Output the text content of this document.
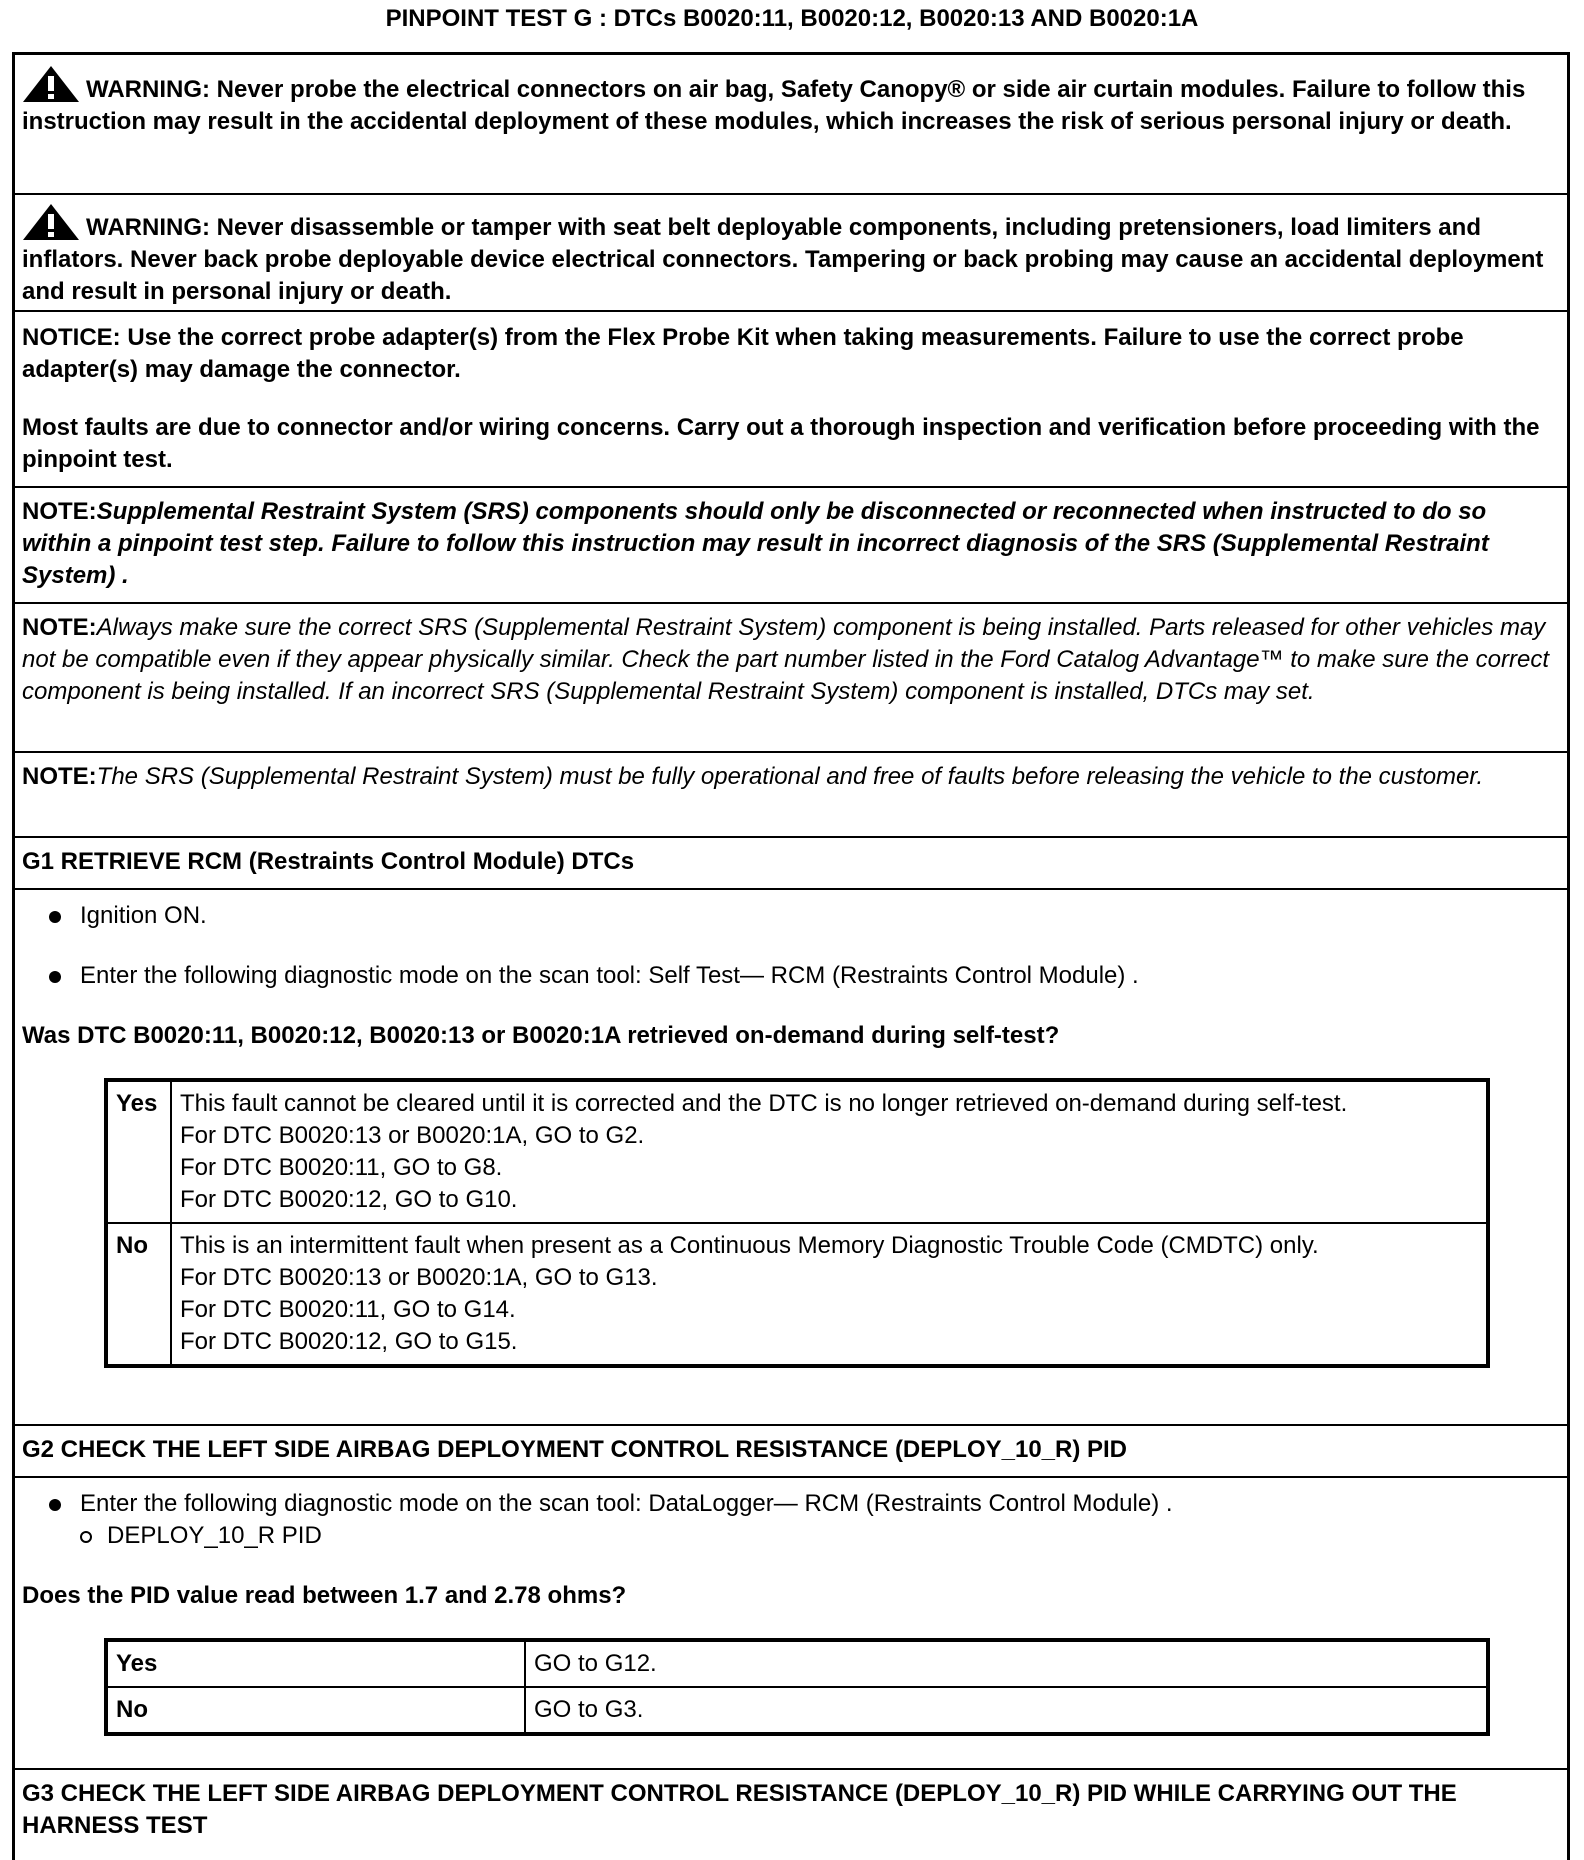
PINPOINT TEST G : DTCs B0020:11, B0020:12, B0020:13 AND B0020:1A

WARNING: Never probe the electrical connectors on air bag, Safety Canopy® or side air curtain modules. Failure to follow this instruction may result in the accidental deployment of these modules, which increases the risk of serious personal injury or death.

WARNING: Never disassemble or tamper with seat belt deployable components, including pretensioners, load limiters and inflators. Never back probe deployable device electrical connectors. Tampering or back probing may cause an accidental deployment and result in personal injury or death.

NOTICE: Use the correct probe adapter(s) from the Flex Probe Kit when taking measurements. Failure to use the correct probe adapter(s) may damage the connector.

Most faults are due to connector and/or wiring concerns. Carry out a thorough inspection and verification before proceeding with the pinpoint test.

NOTE:Supplemental Restraint System (SRS) components should only be disconnected or reconnected when instructed to do so within a pinpoint test step. Failure to follow this instruction may result in incorrect diagnosis of the SRS (Supplemental Restraint System) .

NOTE:Always make sure the correct SRS (Supplemental Restraint System) component is being installed. Parts released for other vehicles may not be compatible even if they appear physically similar. Check the part number listed in the Ford Catalog Advantage™ to make sure the correct component is being installed. If an incorrect SRS (Supplemental Restraint System) component is installed, DTCs may set.

NOTE:The SRS (Supplemental Restraint System) must be fully operational and free of faults before releasing the vehicle to the customer.

G1 RETRIEVE RCM (Restraints Control Module) DTCs
Ignition ON.
Enter the following diagnostic mode on the scan tool: Self Test— RCM (Restraints Control Module) .

Was DTC B0020:11, B0020:12, B0020:13 or B0020:1A retrieved on-demand during self-test?

Yes	This fault cannot be cleared until it is corrected and the DTC is no longer retrieved on-demand during self-test.
For DTC B0020:13 or B0020:1A, GO to G2.
For DTC B0020:11, GO to G8.
For DTC B0020:12, GO to G10.

No	This is an intermittent fault when present as a Continuous Memory Diagnostic Trouble Code (CMDTC) only.
For DTC B0020:13 or B0020:1A, GO to G13.
For DTC B0020:11, GO to G14.
For DTC B0020:12, GO to G15.
G2 CHECK THE LEFT SIDE AIRBAG DEPLOYMENT CONTROL RESISTANCE (DEPLOY_10_R) PID
Enter the following diagnostic mode on the scan tool: DataLogger— RCM (Restraints Control Module) .
DEPLOY_10_R PID

Does the PID value read between 1.7 and 2.78 ohms?

Yes	GO to G12.
No	GO to G3.

G3 CHECK THE LEFT SIDE AIRBAG DEPLOYMENT CONTROL RESISTANCE (DEPLOY_10_R) PID WHILE CARRYING OUT THE HARNESS TEST
